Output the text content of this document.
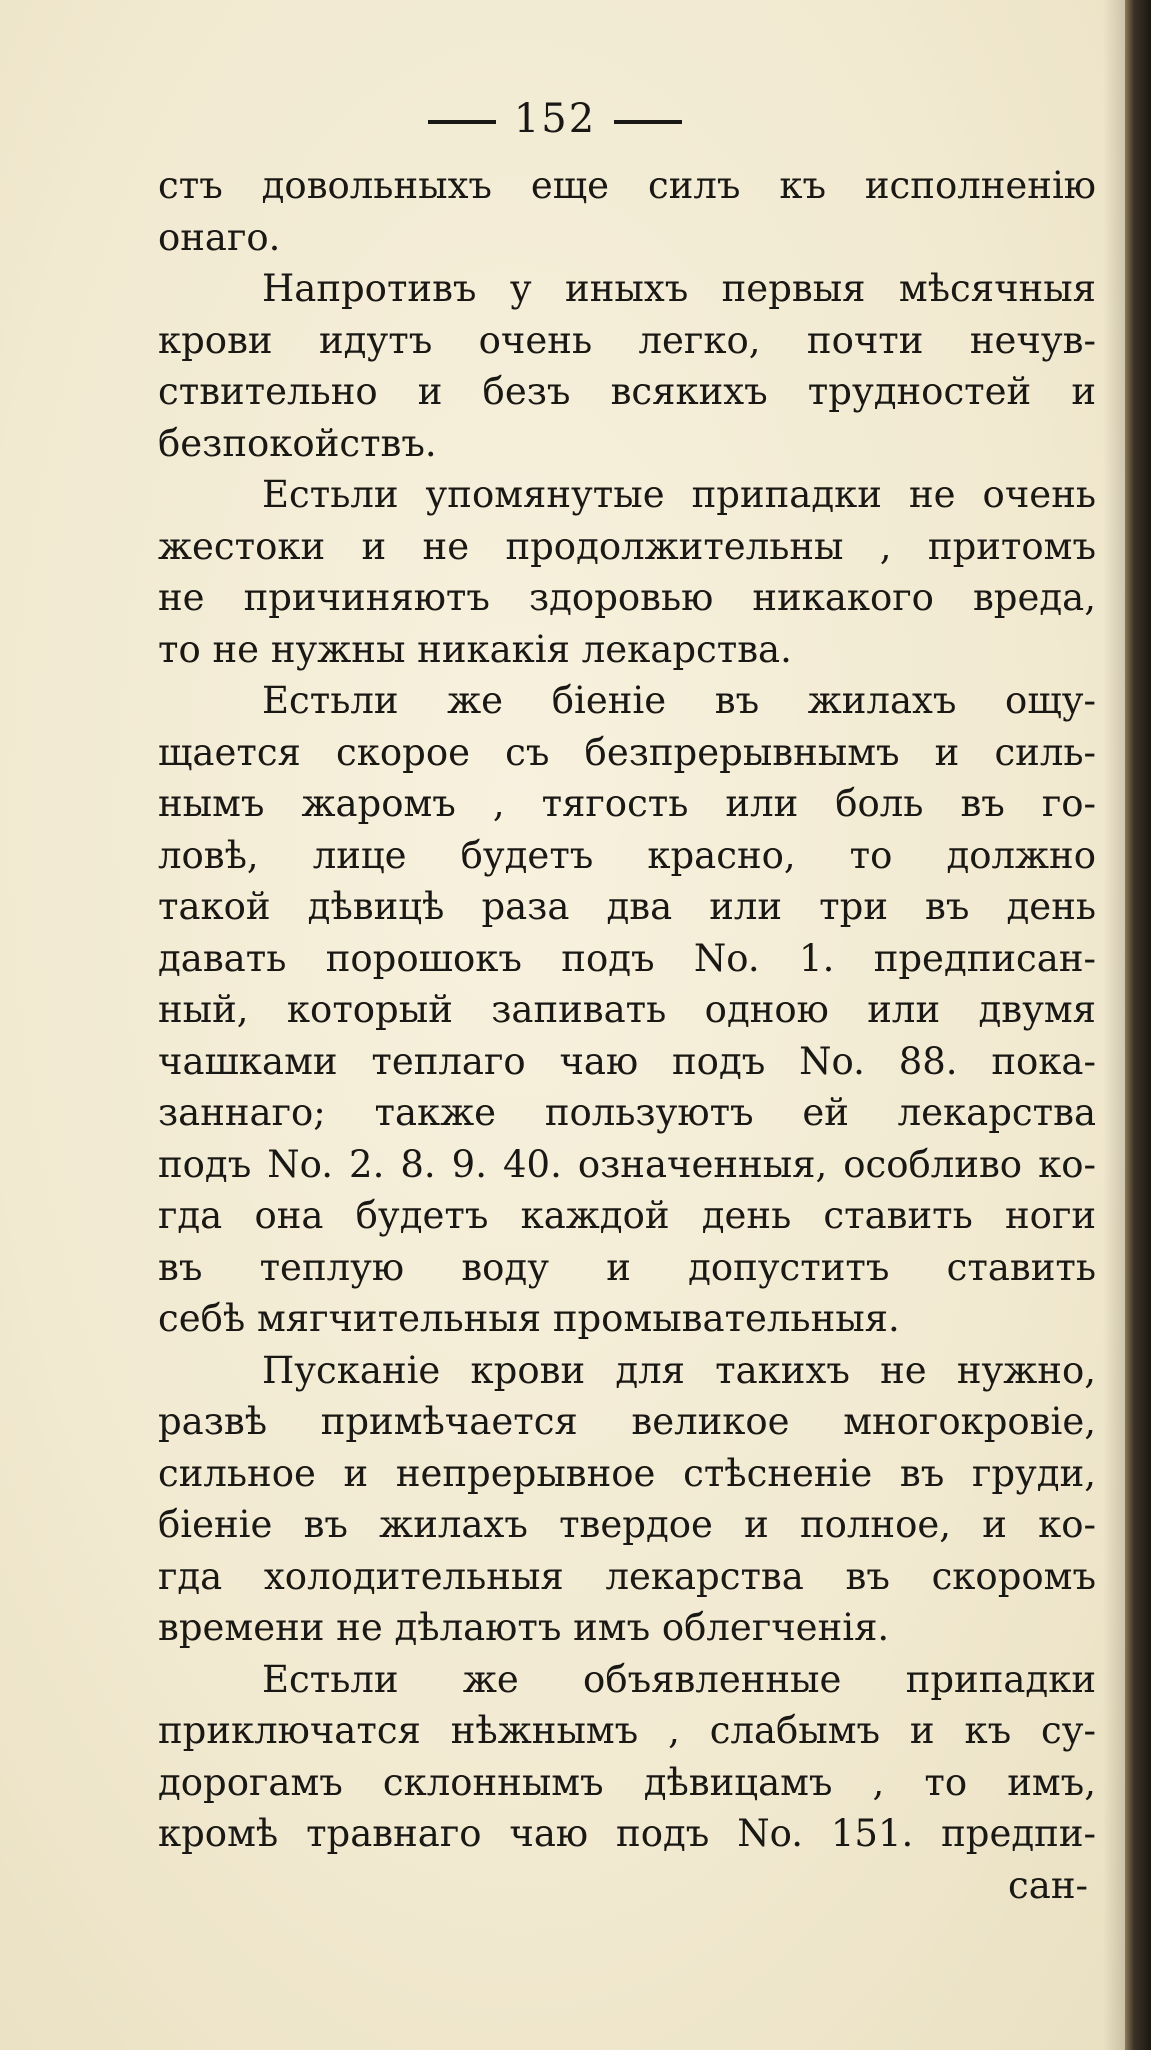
152
стъ довольныхъ еще силъ къ исполненію
онаго.
Напротивъ у иныхъ первыя мѣсячныя
крови идутъ очень легко, почти нечув-
ствительно и безъ всякихъ трудностей и
безпокойствъ.
Естьли упомянутые припадки не очень
жестоки и не продолжительны , притомъ
не причиняютъ здоровью никакого вреда,
то не нужны никакія лекарства.
Естьли же біеніе въ жилахъ ощу-
щается скорое съ безпрерывнымъ и силь-
нымъ жаромъ , тягость или боль въ го-
ловѣ, лице будетъ красно, то должно
такой дѣвицѣ раза два или три въ день
давать порошокъ подъ No. 1. предписан-
ный, который запивать одною или двумя
чашками теплаго чаю подъ No. 88. пока-
заннаго; также пользуютъ ей лекарства
подъ No. 2. 8. 9. 40. означенныя, особливо ко-
гда она будетъ каждой день ставить ноги
въ теплую воду и допуститъ ставить
себѣ мягчительныя промывательныя.
Пусканіе крови для такихъ не нужно,
развѣ примѣчается великое многокровіе,
сильное и непрерывное стѣсненіе въ груди,
біеніе въ жилахъ твердое и полное, и ко-
гда холодительныя лекарства въ скоромъ
времени не дѣлаютъ имъ облегченія.
Естьли же объявленные припадки
приключатся нѣжнымъ , слабымъ и къ су-
дорогамъ склоннымъ дѣвицамъ , то имъ,
кромѣ травнаго чаю подъ No. 151. предпи-
сан-
